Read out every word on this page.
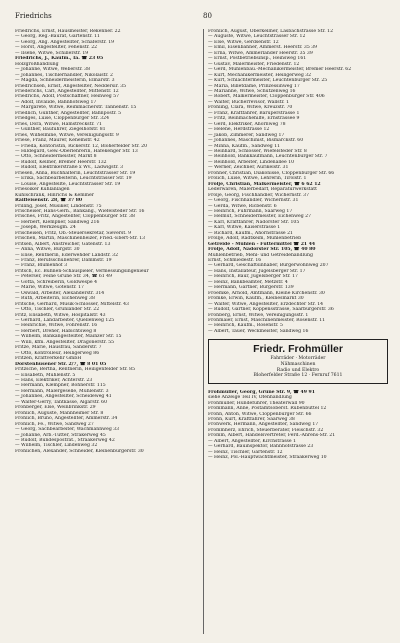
Friedrichs	80
Friedrichs, Ernst, Hausmeister, Rekenner. 22
— Georg, Reg.-Baurat, Gartenstr. 11
— Georg, Ang. Angestellter, Schäferstr. 19
— Horst, Angestellter, Fehenstr. 22
— Ilsene, Witwe, Schillerstr. 19
Friedrichs, J., Kaufm., Ia. ☎ 23 05
Holzgroßhandlung
— Johanne, Witwe, Weberstr. 38
— Johannes, Tischlerhändler, Nikolaistr. 2
— Magda, Schneidermeisterin, Elmarstr. 3
Friedrichsen, Ernst, Angestellter, Neddersir. 35
Friederichs, Carl, Angestellter, Mittenstr. 12
Friedrichs, Adolf, Postschaffner, Heinweg 57
— Adolf, Invalide, Bahnhofsweg 17
— Margarete, Witwe, Reimmacherstr. Tannenstr. 15
Friedlich, Günther, Angestellter, Bahnpostr. 5
Friedges, Luise, Cloppenburger Str. 324
Fries, Dora, Witwe, Hamstreckstr. 71
— Günther, Bauführer, Ziegelhofstr. 81
Fries, Wilhelmine, Witwe, Vereinigungsstr. 9
Friese, Franz, Maurer, Kehemstr. 42
— Frieda, Kontoristin, Rickerstr. 12, Bloherfelder Str. 20
— Hildegard, Gew.-Oberlehrerin, Hafekenger Str. 13
— Otto, Schneidermeister, Markt 8
— Rudolf, Kellner, Bremer Heerstr. 132
— Rudolf, Elektrikerstraße x Wv., Ladwigstr. 3
Friesen, Anna, Buchhalterin, Leuchtstrasser Str. 19
— Erika, Sachbearbeiterin, Leuchtstrasser Str. 19
— Louise, Angestellte, Leuchtstrasser Str. 19
Friesoiker Kühlanlagen
Kühlschrank, Hinrichs & Kemmer
Raiffeisenstr. 28, ☎ 37 80
Frilling, Josef, Musiker, Lindenstr. 75
Frischeiser, Hans-Gerh., Bankang., Wiefelsteder Str. 16
Frisches, Fritz, Angestellter, Cloppenburger Str. 38
— Herbert, Klempner, Sandweg 216
— Joseph, Werkzeugm. 24
Frischeisen, Fritz, Ob.-Steuersekretär, Sieverst. 9
Frischen, Martin, Maschinenheizer, Fried.-Ebert-Str. 13
Fritsen, Albert, Anstreicher, Gatenstr. 13
— Anna, Witwe, Burgstr. 30
— Elise, Rentnerin, Ederwehder Landstr. 32
— Franz, Berufsschullehrer, Dammstr. 19
— Franz, Blumenhof 3
Fritsch, Ec. Bühnen-Schauspieler, Vermessungsingenieur
— Peterser, Feine Grüne Str. 34, ☎ 61 49
— Gotta, Schreiberin, Goldwespe 4
— Marie, Witwe, Gotenstr. 17
— Oswald, Arbeiter, Alexanderstr. 314
— Ruth, Arbeiterin, Eichenweg 38
Fritsche, Gerhard, Musik-Schlosser, Mittelstr. 43
— Otto, Tischler, Grünlander Str. 22
Fritz, Elisabeth, Witwe, Hospitalstr. 43
— Gerhard, Landarbeiter, Quellenweg 125
— Heinrichie, Witwe, Föhrenstr. 16
— Herbert, Dreher, Habichtsweg 8
— Wilhelm, Bankangestellter, Mainzer Str. 15
— Willi, kfm. Angestellter, Dragonerstr. 55
Fritze, Marie, Hausfrau, Sanderstr. 7
— Otto, Kontrolleur, Heiligerweg 86
Fritzen, Kraftverkehr GmbH
Dorstenhusener Str. 2/7, ☎ 8 01 05
Fritzsche, Bertha, Rentnerin, Heiligenfelder Str. 85
— Elisabeth, Mühlenstr. 5
— Hans, Elektriker, Achterstr. 23
— Hermann, Klempner, Bohnerstr. 115
— Hermann, Malergeselle, Mühlenstr. 3
— Johannes, Angestellter, Scheideweg 41
— Walter-Gerry, Tantkasse, Algarstr. 60
Frohberger, Else, Weinbrinkstr. 29
Fröhlich, Auguste, Mannheimer Str. 8
Fröhlich, Bruno, Angestellter, Ammerstr. 34
Fröhlich, Fe., Witwe, Sandweg 27
— Georg, Sachbearbeiter, Wachmannweg 33
— Johanne, Arb.-Tutter, Strakerweg 45
— Rudolf, Bundespostrat., Straakerweg 42
— Wilhelm, Tischler, Lindenweg 32
Fröhlichen, Alexander, Schneider, Kleinenburgerstr. 30
Fröhlich, August, Oberkellner, Lasbachstrasse Str. 12
— Auguste, Witwe, Leuchtstrasser Str. 12
— Else, Witwe, Gerdsenstr. 12
— Emil, Eisenbahner, Ammerst. Heerstr. 35 39
— Erna, Witwe, Ammerländer Heerstr. 35 39
— Ernst, Postbetriebsinsp., Heinsweg 161
— Gustav, Malermeister, Friedenstr. 12
— Gerd, Mühlenbau.-Mechanikermeister, Bremer Heerstr. 62
— Kurt, Mechanikermeister, Heiligerweg 32
— Kurt, Schlachtermeister, Leuchtenburger Str. 25
— Maria, Billetdame, Prinzessinweg 17
— Marianne, Witwe, Schützenweg 16
— Robert, Malkermeister, Cloppenburger Str. 406
— Walter, Bücherrevisor, Wallstr. 1
Fröhling, Clara, Witwe, Kreuzstr. 70
— Franz, Kraftfahrer, Baruperstrasse 1
— Fritz, Reinmachehilfe, Ernstrassee 9
— Gerd, Elektriker, Ahornweg 78
— Helene, Herdstrasse 12
— Jakob, Zimmerer, Sandweg 17
— Johannes, Maschinist, Bismarckstr. 60
— Minna, Kaufm., Sandweg 11
— Reinhard, Schlosser, Wiefelsteder Str. 8
— Reinhold, Bankkaufmann, Leuchtenburger Str. 7
— Reinhold, Arbeiter, Lindenallee 10
— Werner, Zeichner, Aurikelstr. 31
Frohner, Christian, Diakonisse, Cloppenburger Str. 66
Frolich, Luise, Witwe, Lehrerin, Tirolstr. 1
Frölje, Christian, Malkermeister, ☎ 6 62 12
Lederwaren, Malerbedarf, Reparaturwerkstatt
Frölje, Georg, Fischhändler, Wichernstr. 37
— Georg, Fischhändler, Wichernstr. 31
— Gerda, Witwe, Ricbenstr. 6
— Heinrich, Fuhrmann, Saarweg 17
— Helmut, Schneidermeister, Eichenweg 27
— Karl, Kraftfahrer, Nadorster Str. 105
— Karl, Witwe, Kaiserstrasse 1
— Richard, Kaufm., Ahornstrasse 21
Fröllje, Adolf, Radtkeim, Mühlenbetrieb
Getreide - Mühlen - Futtermittel ☎ 21 44
Frölje, Adolf, Nadorster Str. 105, ☎ 40 80
Mühlenbetrieb, Mehl- und Getreidehandlung
Ernst, Schmiedestr. 16
— Gerhard, Geschäftsinhaber, Bürgerwohnweg 207
— Hans, Installateur, Jügelsberger Str. 17
— Heinrich, Baur, Jügelsberger Str. 17
— Heinz, Bankbeamter, Metzstr. 4
— Hermann, Gärtner, Bürgerstr. 139
Froemke, Arnold, Amtmann, Kleine Kirchenstr. 30
Fromke, Erwin, Kaufm., Kleinesmarkt 30
— Walter, Witwe, Angestellter, Erzdechter Str. 14
— Rudolf, Gärtner, Koppensstrasse, Saarburgerstr. 36
Frohberg, Ernst, Witwe, Vereinigungsstr. 1
Frohmaier, Ernst, Maschinenmeister, Rosenstr. 11
— Heinrich, Kaufm., Rosenstr. 5
— Albert, Tauer, Weckmeister, Sandweg 16
Friedr. Frohmüller
Fahrräder · Motorräder
Nähmaschinen
Radio und Elektro
Bloherfelder Straße 12 · Fernruf 7611
Frohmüller, Georg, Grüne Str. 9, ☎ 49 91
siehe Anzeige Teil IV, Ofenhandlung
Frohmüller, Hundeführer, Theaterwall 90
Frommann, Anne, Postamtsoberst. Rübenbüttel 12
Frohn, Anton, Witwe, Cloppenburger Str. 66
Frohn, Kurt, Kraftfahrer, Saarweg 38
Frohwerk, Hermann, Angestellter, Sandweg 17
Frommherz, Ehrich, Steuerberater, Fleischstr. 32
Fromm, Albert, Handelsvertreter, Ferd.-Ahrens-Str. 21
— Albert, Angestellter, Kirchstrasse 1
— Gerhard, Bauinspektor, Bahnhofstrasse 23
— Heinz, Tischler, Gartenstr. 12
— Heinz, Pol.-Hauptwachtmeister, Straakerweg 10
